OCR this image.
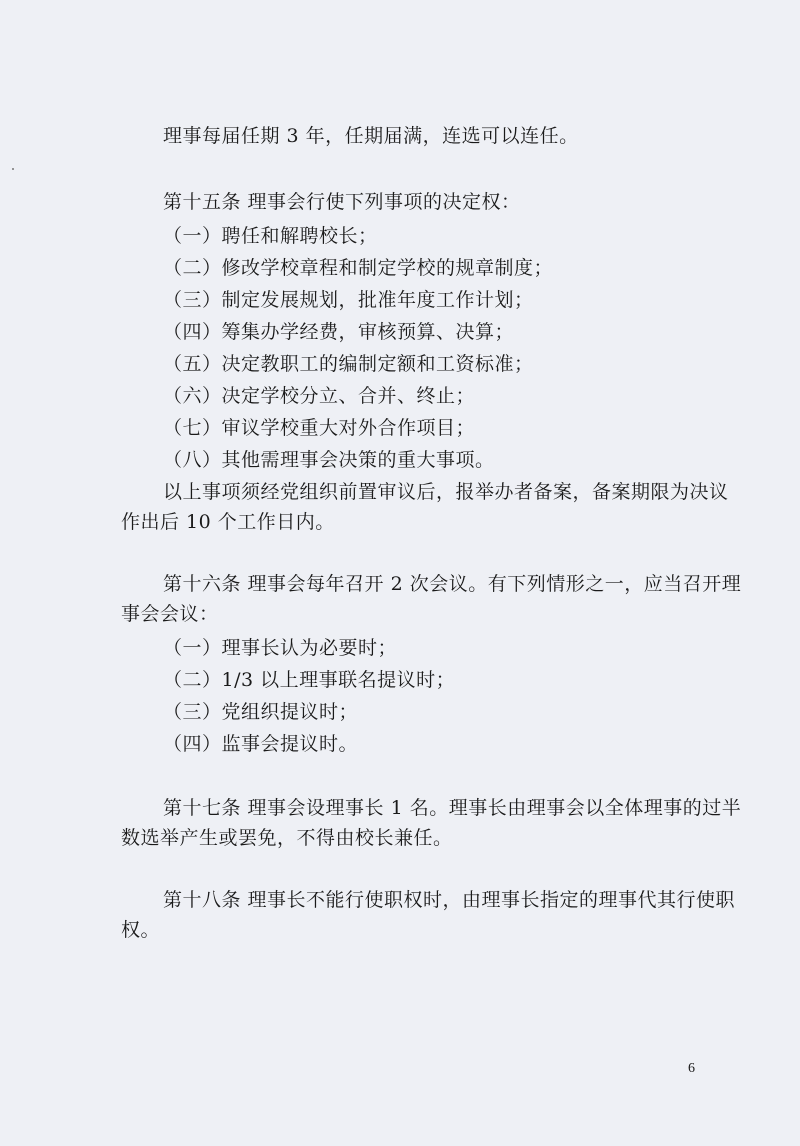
理事每届任期 3 年，任期届满，连选可以连任。
第十五条 理事会行使下列事项的决定权：
（一）聘任和解聘校长；
（二）修改学校章程和制定学校的规章制度；
（三）制定发展规划，批准年度工作计划；
（四）筹集办学经费，审核预算、决算；
（五）决定教职工的编制定额和工资标准；
（六）决定学校分立、合并、终止；
（七）审议学校重大对外合作项目；
（八）其他需理事会决策的重大事项。
以上事项须经党组织前置审议后，报举办者备案，备案期限为决议
作出后 10 个工作日内。
第十六条 理事会每年召开 2 次会议。有下列情形之一，应当召开理
事会会议：
（一）理事长认为必要时；
（二）1/3 以上理事联名提议时；
（三）党组织提议时；
（四）监事会提议时。
第十七条 理事会设理事长 1 名。理事长由理事会以全体理事的过半
数选举产生或罢免，不得由校长兼任。
第十八条 理事长不能行使职权时，由理事长指定的理事代其行使职
权。
6
